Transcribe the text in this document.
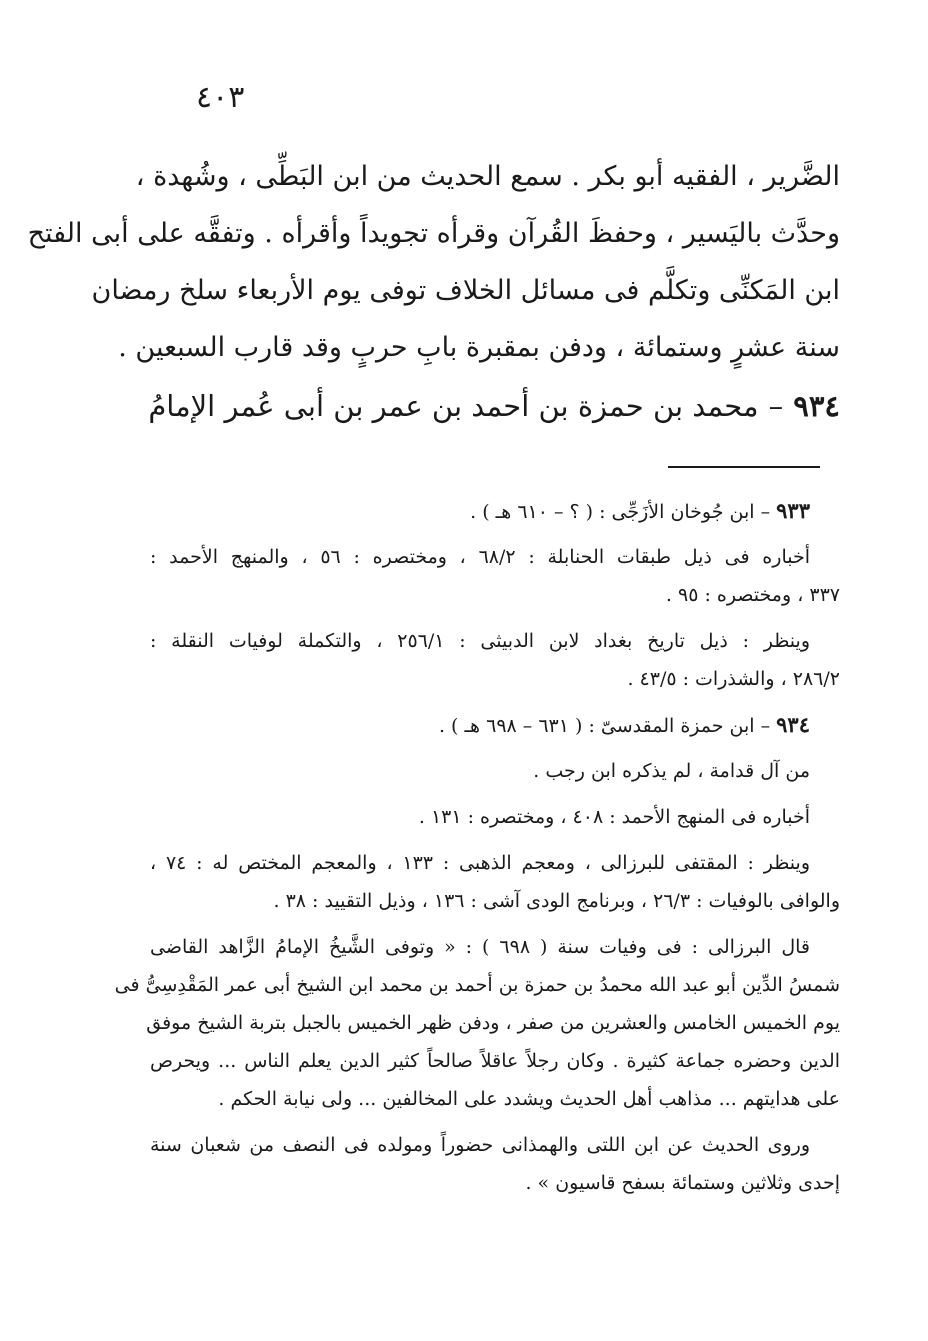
٤٠٣
الضَّرير ، الفقيه أبو بكر . سمع الحديث من ابن البَطِّى ، وشُهدة ،
وحدَّث باليَسير ، وحفظَ القُرآن وقرأه تجويداً وأقرأه . وتفقَّه على أبى الفتح
ابن المَكنِّى وتكلَّم فى مسائل الخلاف توفى يوم الأربعاء سلخ رمضان
سنة عشرٍ وستمائة ، ودفن بمقبرة بابِ حربٍ وقد قارب السبعين .
٩٣٤ – محمد بن حمزة بن أحمد بن عمر بن أبى عُمر الإمامُ
٩٣٣ – ابن جُوخان الأزَجِّى : ( ؟ – ٦١٠ هـ ) .
أخباره فى ذيل طبقات الحنابلة : ٦٨/٢ ، ومختصره : ٥٦ ، والمنهج الأحمد :
٣٣٧ ، ومختصره : ٩٥ .
وينظر : ذيل تاريخ بغداد لابن الدبيثى : ٢٥٦/١ ، والتكملة لوفيات النقلة :
٢٨٦/٢ ، والشذرات : ٤٣/٥ .
٩٣٤ – ابن حمزة المقدسىّ : ( ٦٣١ – ٦٩٨ هـ ) .
من آل قدامة ، لم يذكره ابن رجب .
أخباره فى المنهج الأحمد : ٤٠٨ ، ومختصره : ١٣١ .
وينظر : المقتفى للبرزالى ، ومعجم الذهبى : ١٣٣ ، والمعجم المختص له : ٧٤ ،
والوافى بالوفيات : ٢٦/٣ ، وبرنامج الودى آشى : ١٣٦ ، وذيل التقييد : ٣٨ .
قال البرزالى : فى وفيات سنة ( ٦٩٨ ) : « وتوفى الشَّيخُ الإمامُ الزَّاهد القاضى
شمسُ الدِّين أبو عبد الله محمدُ بن حمزة بن أحمد بن محمد ابن الشيخ أبى عمر المَقْدِسِىُّ فى
يوم الخميس الخامس والعشرين من صفر ، ودفن ظهر الخميس بالجبل بتربة الشيخ موفق
الدين وحضره جماعة كثيرة . وكان رجلاً عاقلاً صالحاً كثير الدين يعلم الناس ... ويحرص
على هدايتهم ... مذاهب أهل الحديث ويشدد على المخالفين ... ولى نيابة الحكم .
وروى الحديث عن ابن اللتى والهمذانى حضوراً ومولده فى النصف من شعبان سنة
إحدى وثلاثين وستمائة بسفح قاسيون » .
